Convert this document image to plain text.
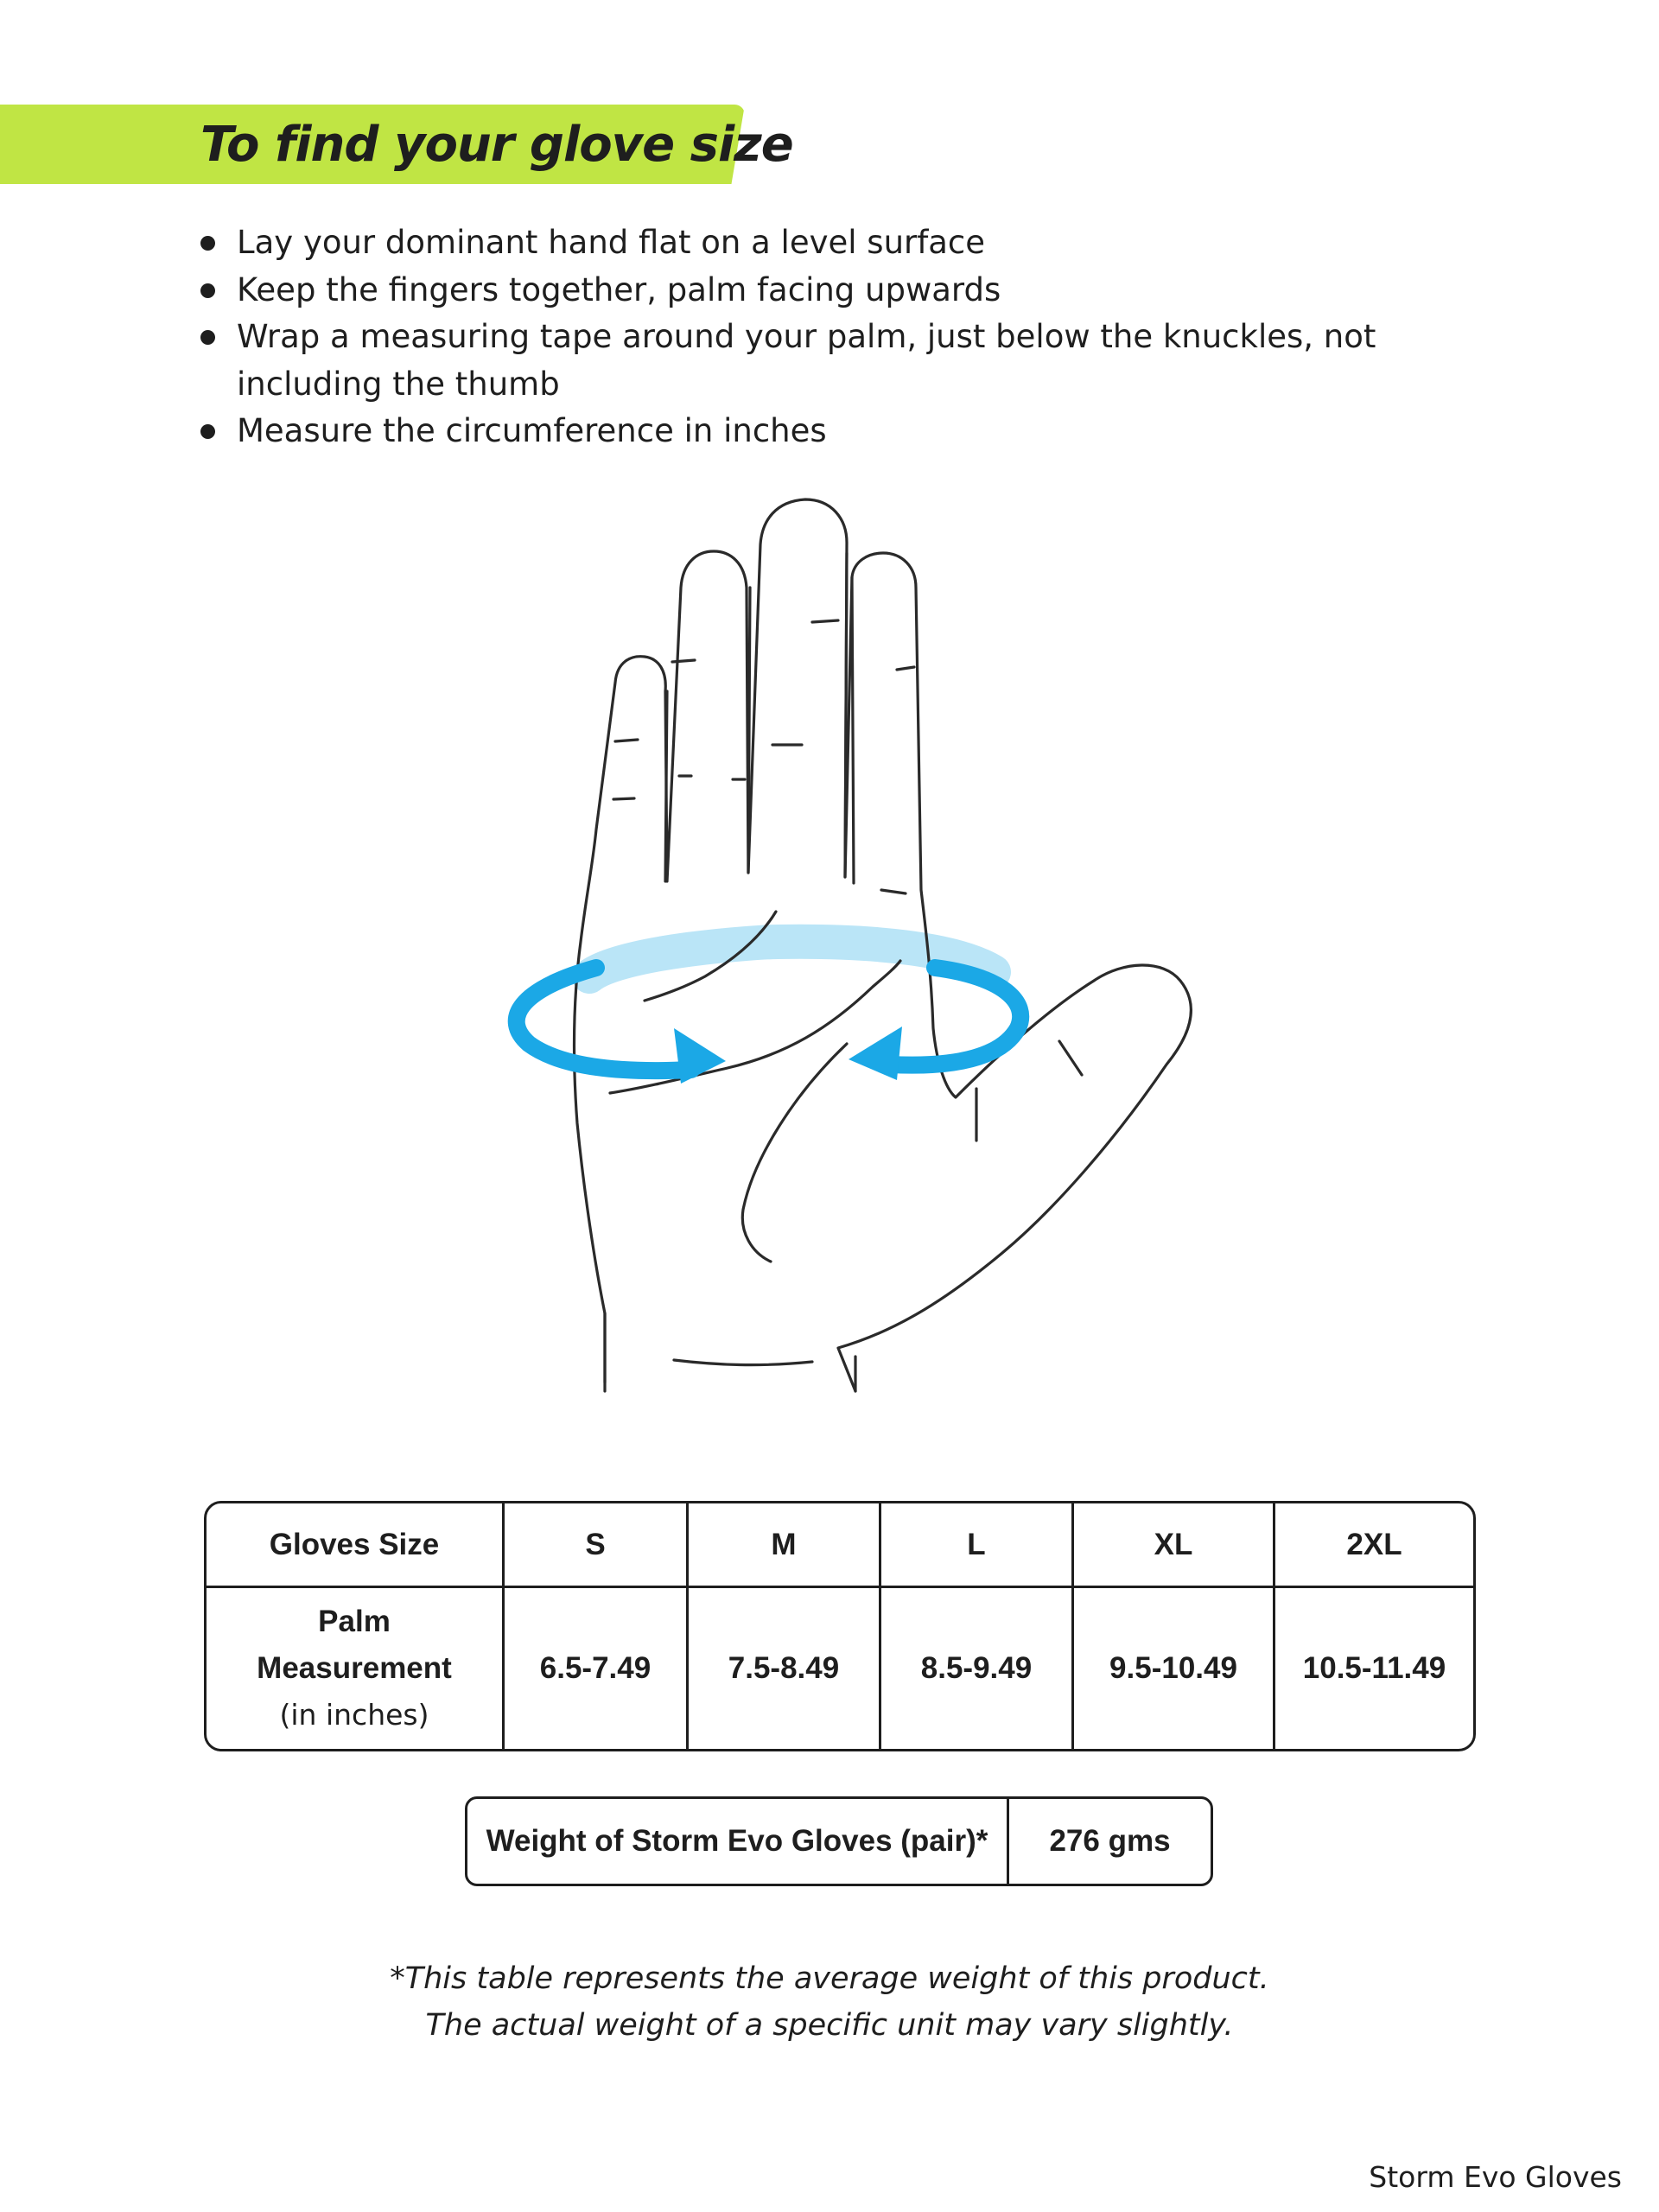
To find your glove size
Lay your dominant hand flat on a level surface
Keep the fingers together, palm facing upwards
Wrap a measuring tape around your palm, just below the knuckles, not including the thumb
Measure the circumference in inches
Gloves Size	S	M	L	XL	2XL

Palm
Measurement
(in inches)	6.5-7.49	7.5-8.49	8.5-9.49	9.5-10.49	10.5-11.49
Weight of Storm Evo Gloves (pair)*	276 gms
*This table represents the average weight of this product.
The actual weight of a specific unit may vary slightly.
Storm Evo Gloves
